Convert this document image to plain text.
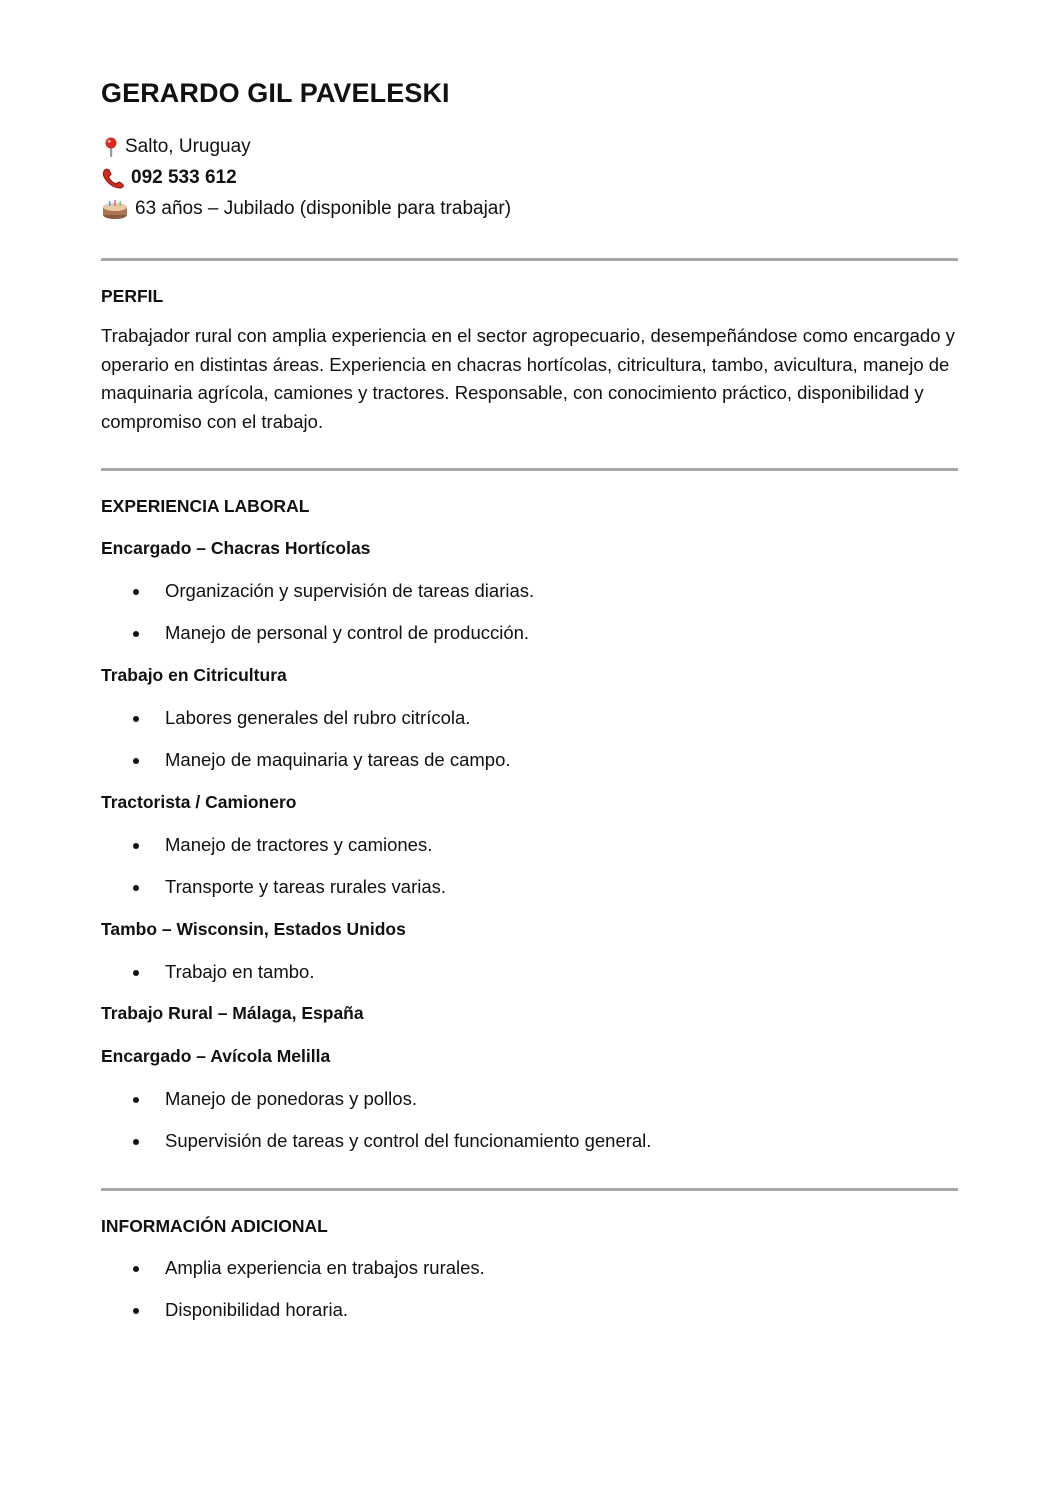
GERARDO GIL PAVELESKI
Salto, Uruguay
092 533 612
63 años – Jubilado (disponible para trabajar)
PERFIL

Trabajador rural con amplia experiencia en el sector agropecuario, desempeñándose como encargado y operario en distintas áreas. Experiencia en chacras hortícolas, citricultura, tambo, avicultura, manejo de maquinaria agrícola, camiones y tractores. Responsable, con conocimiento práctico, disponibilidad y compromiso con el trabajo.

EXPERIENCIA LABORAL
Encargado – Chacras Hortícolas
Organización y supervisión de tareas diarias.
Manejo de personal y control de producción.
Trabajo en Citricultura
Labores generales del rubro citrícola.
Manejo de maquinaria y tareas de campo.
Tractorista / Camionero
Manejo de tractores y camiones.
Transporte y tareas rurales varias.
Tambo – Wisconsin, Estados Unidos
Trabajo en tambo.
Trabajo Rural – Málaga, España
Encargado – Avícola Melilla
Manejo de ponedoras y pollos.
Supervisión de tareas y control del funcionamiento general.
INFORMACIÓN ADICIONAL
Amplia experiencia en trabajos rurales.
Disponibilidad horaria.
